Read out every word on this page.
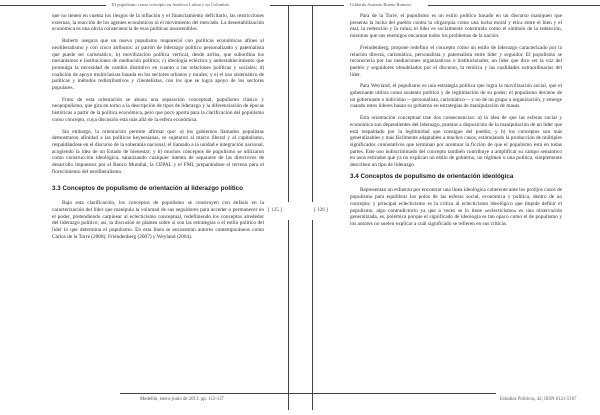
El populismo como concepto en América Latina y en Colombia
[ 125 ]

que no tienen en cuenta los riesgos de la inflación y el financiamiento deficitario, las restricciones externas, la reacción de los agentes económicos ni el movimiento del mercado. La desestabilización económica es una obvia consecuencia de esas políticas insostenibles.

Roberts asegura que un nuevo populismo reapareció con políticas económicas afines al neoliberalismo y con cinco atributos: a) patrón de liderazgo político personalizado y paternalista que puede ser carismático; b) movilización política vertical, desde arriba, que subordina los mecanismos e instituciones de mediación política; c) ideología ecléctica y antiestablecimiento que promulga la necesidad de cambio distintivo en cuanto a las relaciones políticas y sociales; d) coalición de apoyo multiclasista basada en los sectores urbanos y rurales; y e) el uso sistemático de políticas y métodos redistributivos y clientelistas, con los que se logra apoyo de los sectores populares.

Fruto de esta orientación se abona una separación conceptual, populismo clásico y neopopulismo, que gira en torno a la descripción de tipos de liderazgo y la diferenciación de épocas históricas a partir de la política económica, pero que poco aporta para la clarificación del populismo como concepto, cuya discusión está más allá de la esfera económica.

Sin embargo, la orientación permite afirmar que: a) los gobiernos llamados populistas demostraron afinidad a las políticas keynesianas, se sujetaron al marco liberal y al capitalismo, respaldándose en el discurso de la soberanía nacional, el llamado a la unidad e integración nacional, acogiendo la idea de un Estado de bienestar; y b) muchos conceptos de populismo se utilizaron como construcción ideológica, satanizando cualquier intento de separarse de las directrices de desarrollo impuestos por el Banco Mundial, la CEPAL y el FMI, preparándose el terreno para el florecimiento del neoliberalismo.

3.3 Conceptos de populismo de orientación al liderazgo político

Bajo esta clasificación, los conceptos de populismo se construyen con énfasis en la caracterización del líder que manipula la voluntad de sus seguidores para acceder o permanecer en el poder, pretendiendo carpinear al eclecticismo conceptual, redefiniendo los conceptos alrededor del liderazgo político; así, la discusión se plantea sobre si son las estrategias o el estilo político del líder lo que determina el populismo. En esta línea se encuentran autores contemporáneos como Carlos de la Torre (2008), Freindenberg (2007) y Weyland (2004).

Medellín, enero-junio de 2013: pp. 112-137
Gildardo Antonio Bueno Romero
[ 126 ]

Para de la Torre, el populismo es un estilo político basado en un discurso maniqueo que presenta la lucha del pueblo contra la oligarquía como una lucha moral y ética entre el bien y el mal, la redención y la ruina; el líder es socialmente construido como el símbolo de la redención, mientras que sus enemigos encarnan todos los problemas de la nación.

Freindenberg, propone redefinir el concepto como un estilo de liderazgo caracterizado por la relación directa, carismática, personalista y paternalista entre líder y seguidor. El populismo se reconocería por las mediaciones organizativas o institucionales, un líder que dice ser la voz del pueblo y seguidores obnubilados por el discurso, la retórica y las cualidades extraordinarias del líder.

Para Weyland, el populismo es una estrategia política que logra la movilización social, que el gobernante utiliza como sustento político y de legitimación de su poder; el populismo deviene de un gobernante o individuo —personalista, carismático— y no de un grupo u organización, y emerge cuando estos líderes basan su gobierno en estrategias de manipulación de masas.

Esta orientación conceptual trae dos consecuencias: a) la idea de que las esferas social y económica son dependientes del liderazgo, puestas a disposición de la manipulación de un líder que está respaldado por la legitimidad que consigue del pueblo; y b) los conceptos son más generalizables y más fácilmente adaptables a muchos casos, estimulando la producción de múltiples significados connotativos que terminan por acentuar la ficción de que el populismo está en todas partes. Este uso indiscriminado del concepto también contribuye a amplificar su campo semántico en usos estiradas que ya no explican un estilo de gobierno, un régimen o una política, simplemente describen un tipo de liderazgo.

3.4 Conceptos de populismo de orientación ideológica

Representan un esfuerzo por encontrar una línea ideológica coherente ante los prolijos casos de populismo para equilibrar los polos de las esferas social, económica y política, dentro de un concepto; y principal eclecticismo es la crítica al eclecticismo ideológico que impide definir el populismo, algo contradictorio ya que a veces se lo tiene «eclecticismo» es una observación generalizada, es, polémica porque el significado de ideología es tan opaco como el de populismo y los autores no suelen explicar a cuál significado se refieren en sus críticas.

Estudios Políticos, 42, ISSN 0121-5167
